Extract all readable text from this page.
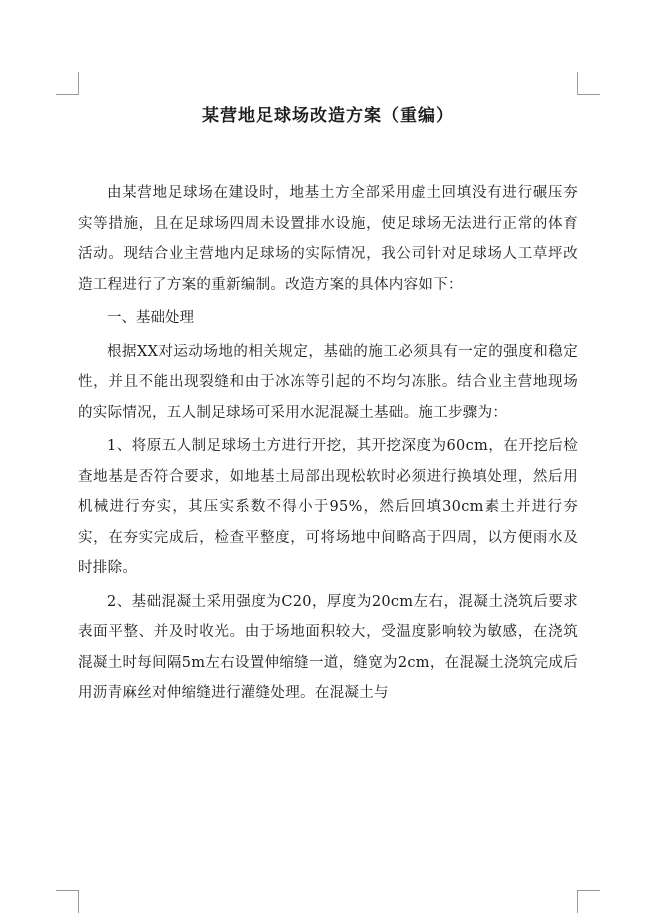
某营地足球场改造方案（重编）

由某营地足球场在建设时，地基土方全部采用虚土回填没有进行碾压夯实等措施，且在足球场四周未设置排水设施，使足球场无法进行正常的体育活动。现结合业主营地内足球场的实际情况，我公司针对足球场人工草坪改造工程进行了方案的重新编制。改造方案的具体内容如下：

一、基础处理

根据XX对运动场地的相关规定，基础的施工必须具有一定的强度和稳定性，并且不能出现裂缝和由于冰冻等引起的不均匀冻胀。结合业主营地现场的实际情况，五人制足球场可采用水泥混凝土基础。施工步骤为：

1、将原五人制足球场土方进行开挖，其开挖深度为60cm，在开挖后检查地基是否符合要求，如地基土局部出现松软时必须进行换填处理，然后用机械进行夯实，其压实系数不得小于95%，然后回填30cm素土并进行夯实，在夯实完成后，检查平整度，可将场地中间略高于四周，以方便雨水及时排除。

2、基础混凝土采用强度为C20，厚度为20cm左右，混凝土浇筑后要求表面平整、并及时收光。由于场地面积较大，受温度影响较为敏感，在浇筑混凝土时每间隔5m左右设置伸缩缝一道，缝宽为2cm，在混凝土浇筑完成后用沥青麻丝对伸缩缝进行灌缝处理。在混凝土与
